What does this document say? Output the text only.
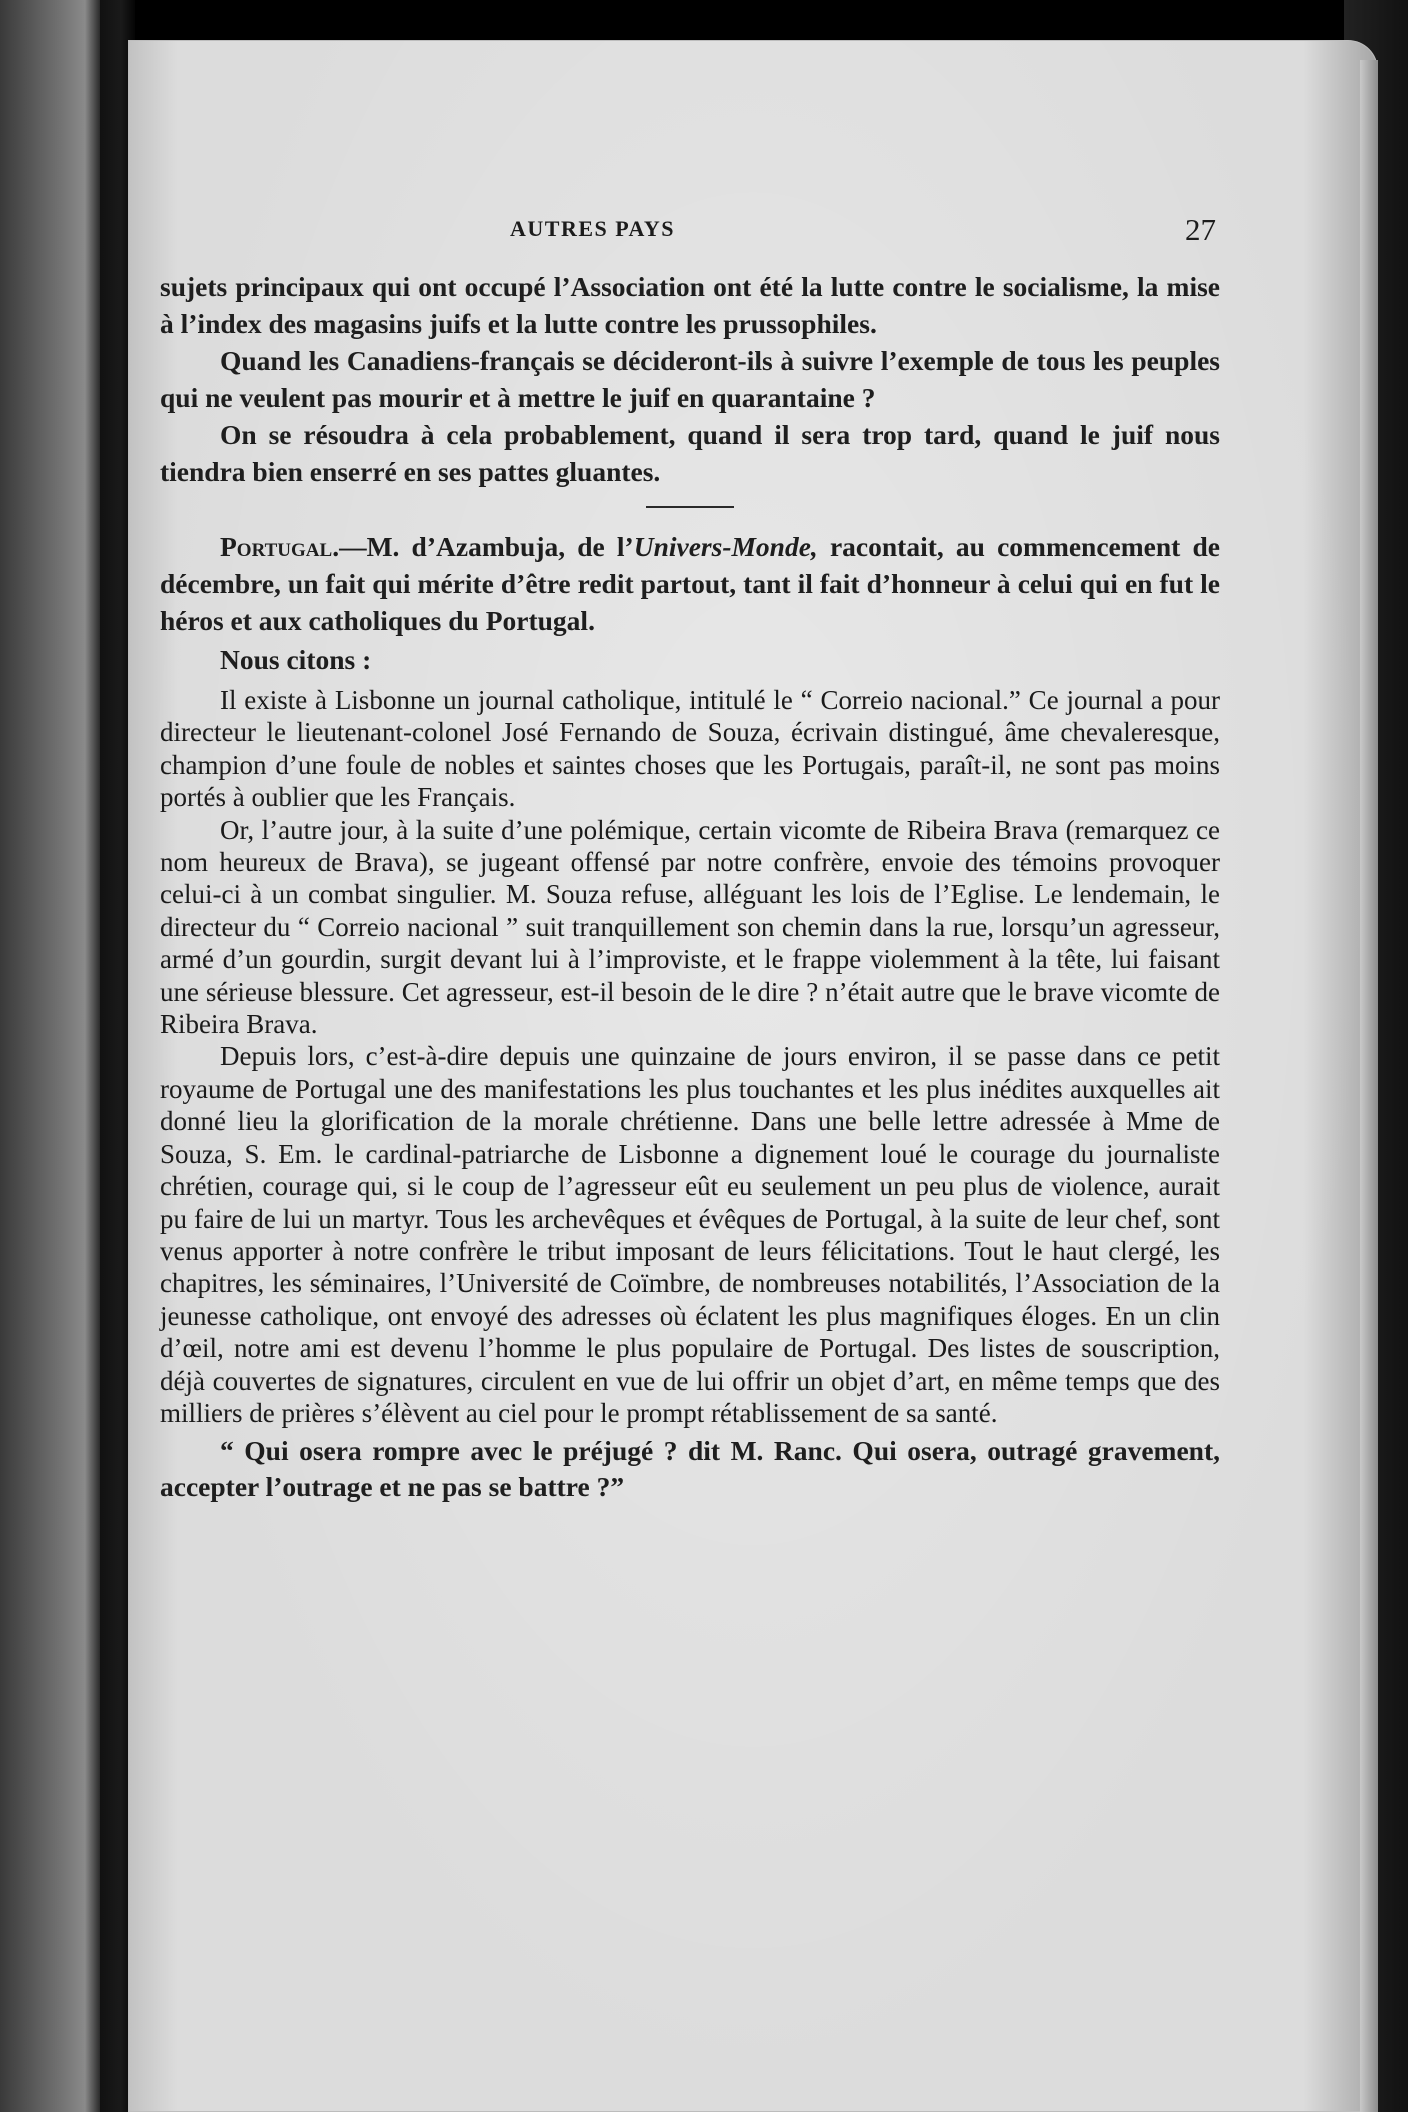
AUTRES PAYS	27

sujets principaux qui ont occupé l’Association ont été la lutte contre le socialisme, la mise à l’index des magasins juifs et la lutte contre les prussophiles.

Quand les Canadiens-français se décideront-ils à suivre l’exemple de tous les peuples qui ne veulent pas mourir et à mettre le juif en quarantaine ?

On se résoudra à cela probablement, quand il sera trop tard, quand le juif nous tiendra bien enserré en ses pattes gluantes.

Portugal.—M. d’Azambuja, de l’Univers-Monde, racontait, au commencement de décembre, un fait qui mérite d’être redit partout, tant il fait d’honneur à celui qui en fut le héros et aux catholiques du Portugal.

Nous citons :

Il existe à Lisbonne un journal catholique, intitulé le “ Correio nacional.” Ce journal a pour directeur le lieutenant-colonel José Fernando de Souza, écrivain distingué, âme chevaleresque, champion d’une foule de nobles et saintes choses que les Portugais, paraît-il, ne sont pas moins portés à oublier que les Français.

Or, l’autre jour, à la suite d’une polémique, certain vicomte de Ribeira Brava (remarquez ce nom heureux de Brava), se jugeant offensé par notre confrère, envoie des témoins provoquer celui-ci à un combat singulier. M. Souza refuse, alléguant les lois de l’Eglise. Le lendemain, le directeur du “ Correio nacional ” suit tranquillement son chemin dans la rue, lorsqu’un agresseur, armé d’un gourdin, surgit devant lui à l’improviste, et le frappe violemment à la tête, lui faisant une sérieuse blessure. Cet agresseur, est-il besoin de le dire ? n’était autre que le brave vicomte de Ribeira Brava.

Depuis lors, c’est-à-dire depuis une quinzaine de jours environ, il se passe dans ce petit royaume de Portugal une des manifestations les plus touchantes et les plus inédites auxquelles ait donné lieu la glorification de la morale chrétienne. Dans une belle lettre adressée à Mme de Souza, S. Em. le cardinal-patriarche de Lisbonne a dignement loué le courage du journaliste chrétien, courage qui, si le coup de l’agresseur eût eu seulement un peu plus de violence, aurait pu faire de lui un martyr. Tous les archevêques et évêques de Portugal, à la suite de leur chef, sont venus apporter à notre confrère le tribut imposant de leurs félicitations. Tout le haut clergé, les chapitres, les séminaires, l’Université de Coïmbre, de nombreuses notabilités, l’Association de la jeunesse catholique, ont envoyé des adresses où éclatent les plus magnifiques éloges. En un clin d’œil, notre ami est devenu l’homme le plus populaire de Portugal. Des listes de souscription, déjà couvertes de signatures, circulent en vue de lui offrir un objet d’art, en même temps que des milliers de prières s’élèvent au ciel pour le prompt rétablissement de sa santé.

“ Qui osera rompre avec le préjugé ? dit M. Ranc. Qui osera, outragé gravement, accepter l’outrage et ne pas se battre ?”
